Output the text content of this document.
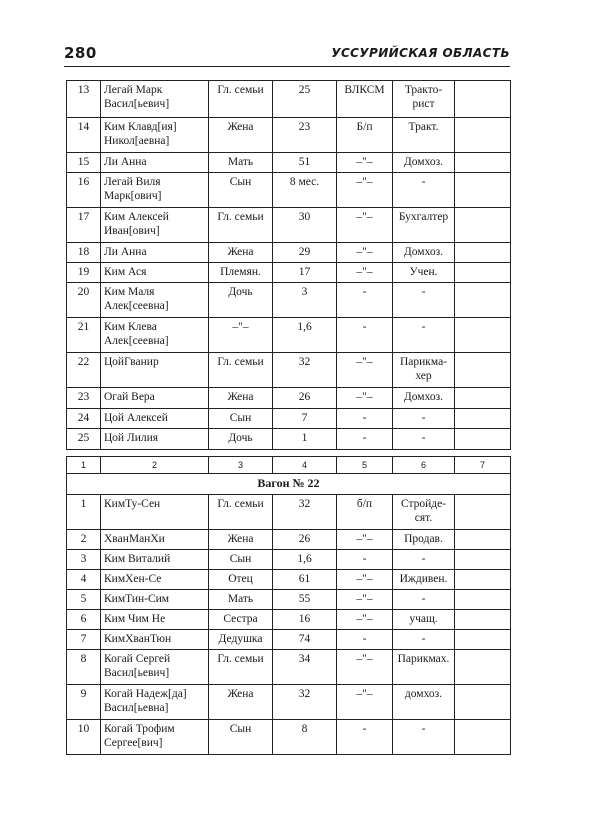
280	УССУРИЙСКАЯ ОБЛАСТЬ
13	Легай Марк
Васил[ьевич]	Гл. семьи	25	ВЛКСМ	Тракто-
рист	
14	Ким Клавд[ия]
Никол[аевна]	Жена	23	Б/п	Тракт.	
15	Ли Анна	Мать	51	–"–	Домхоз.	
16	Легай Виля
Марк[ович]	Сын	8 мес.	–"–	-	
17	Ким Алексей
Иван[ович]	Гл. семьи	30	–"–	Бухгалтер	
18	Ли Анна	Жена	29	–"–	Домхоз.	
19	Ким Ася	Племян.	17	–"–	Учен.	
20	Ким Маля
Алек[сеевна]	Дочь	3	-	-	
21	Ким Клева
Алек[сеевна]	–"–	1,6	-	-	
22	ЦойГванир	Гл. семьи	32	–"–	Парикма-
хер	
23	Огай Вера	Жена	26	–"–	Домхоз.	
24	Цой Алексей	Сын	7	-	-	
25	Цой Лилия	Дочь	1	-	-	
1	2	3	4	5	6	7
Вагон № 22						
1	КимТу-Сен	Гл. семьи	32	б/п	Стройде-
сят.	
2	ХванМанХи	Жена	26	–"–	Продав.	
3	Ким Виталий	Сын	1,6	-	-	
4	КимХен-Се	Отец	61	–"–	Иждивен.	
5	КимТин-Сим	Мать	55	–"–	-	
6	Ким Чим Не	Сестра	16	–"–	учащ.	
7	КимХванТюн	Дедушка	74	-	-	
8	Когай Сергей
Васил[ьевич]	Гл. семьи	34	–"–	Парикмах.	
9	Когай Надеж[да]
Васил[ьевна]	Жена	32	–"–	домхоз.	
10	Когай Трофим
Сергее[вич]	Сын	8	-	-	
